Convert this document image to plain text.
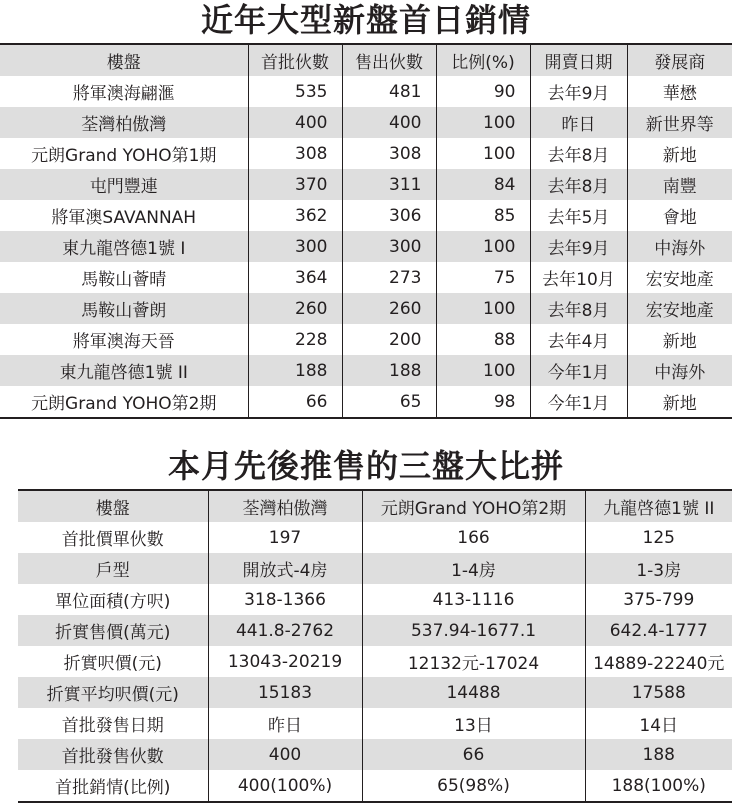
近年大型新盤首日銷情
樓盤	首批伙數	售出伙數	比例(%)	開賣日期	發展商
將軍澳海翩滙	535	481	90	去年9月	華懋
荃灣柏傲灣	400	400	100	昨日	新世界等
元朗Grand YOHO第1期	308	308	100	去年8月	新地
屯門豐連	370	311	84	去年8月	南豐
將軍澳SAVANNAH	362	306	85	去年5月	會地
東九龍啓德1號 I	300	300	100	去年9月	中海外
馬鞍山薈晴	364	273	75	去年10月	宏安地產
馬鞍山薈朗	260	260	100	去年8月	宏安地產
將軍澳海天晉	228	200	88	去年4月	新地
東九龍啓德1號 II	188	188	100	今年1月	中海外
元朗Grand YOHO第2期	66	65	98	今年1月	新地
本月先後推售的三盤大比拼
樓盤	荃灣柏傲灣	元朗Grand YOHO第2期	九龍啓德1號 II
首批價單伙數	197	166	125
戶型	開放式-4房	1-4房	1-3房
單位面積(方呎)	318-1366	413-1116	375-799
折實售價(萬元)	441.8-2762	537.94-1677.1	642.4-1777
折實呎價(元)	13043-20219	12132元-17024	14889-22240元
折實平均呎價(元)	15183	14488	17588
首批發售日期	昨日	13日	14日
首批發售伙數	400	66	188
首批銷情(比例)	400(100%)	65(98%)	188(100%)
